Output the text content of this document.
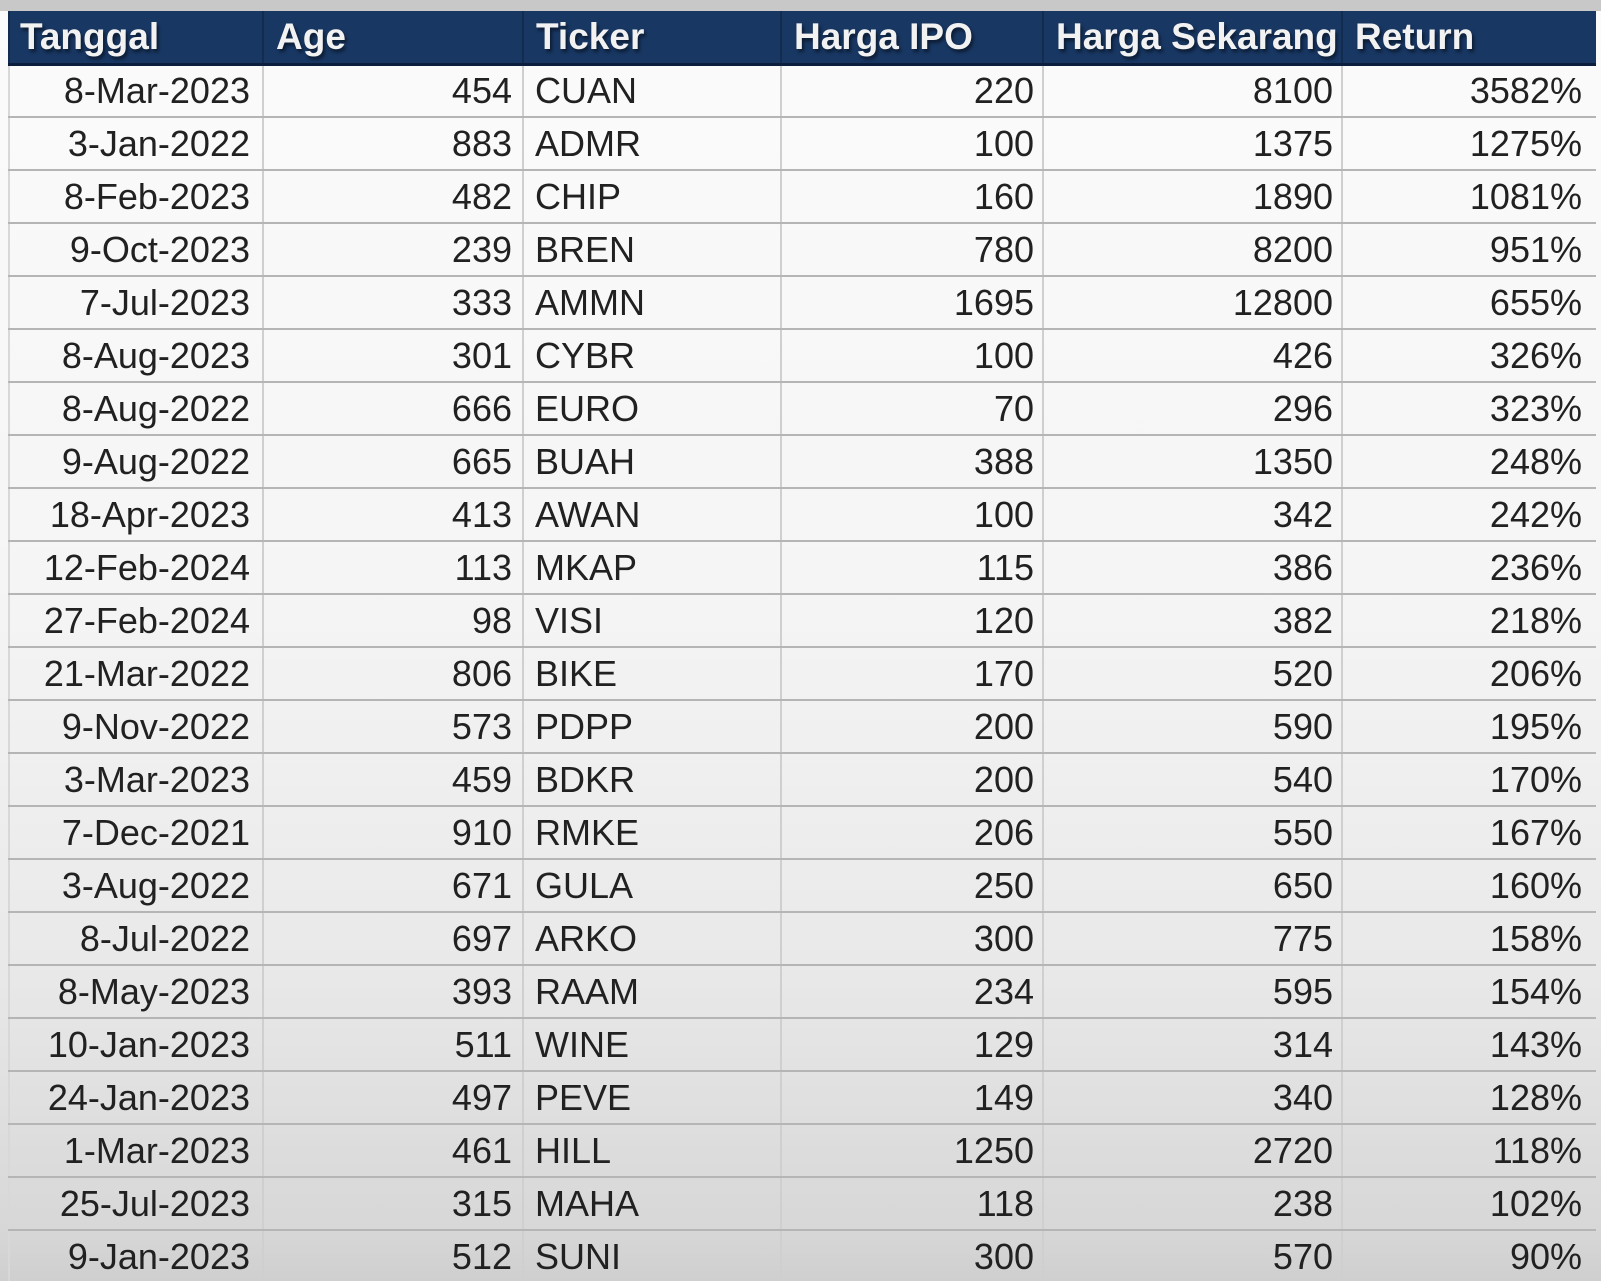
Tanggal	Age	Ticker	Harga IPO	Harga Sekarang	Return
8-Mar-2023	454	CUAN	220	8100	3582%
3-Jan-2022	883	ADMR	100	1375	1275%
8-Feb-2023	482	CHIP	160	1890	1081%
9-Oct-2023	239	BREN	780	8200	951%
7-Jul-2023	333	AMMN	1695	12800	655%
8-Aug-2023	301	CYBR	100	426	326%
8-Aug-2022	666	EURO	70	296	323%
9-Aug-2022	665	BUAH	388	1350	248%
18-Apr-2023	413	AWAN	100	342	242%
12-Feb-2024	113	MKAP	115	386	236%
27-Feb-2024	98	VISI	120	382	218%
21-Mar-2022	806	BIKE	170	520	206%
9-Nov-2022	573	PDPP	200	590	195%
3-Mar-2023	459	BDKR	200	540	170%
7-Dec-2021	910	RMKE	206	550	167%
3-Aug-2022	671	GULA	250	650	160%
8-Jul-2022	697	ARKO	300	775	158%
8-May-2023	393	RAAM	234	595	154%
10-Jan-2023	511	WINE	129	314	143%
24-Jan-2023	497	PEVE	149	340	128%
1-Mar-2023	461	HILL	1250	2720	118%
25-Jul-2023	315	MAHA	118	238	102%
9-Jan-2023	512	SUNI	300	570	90%
